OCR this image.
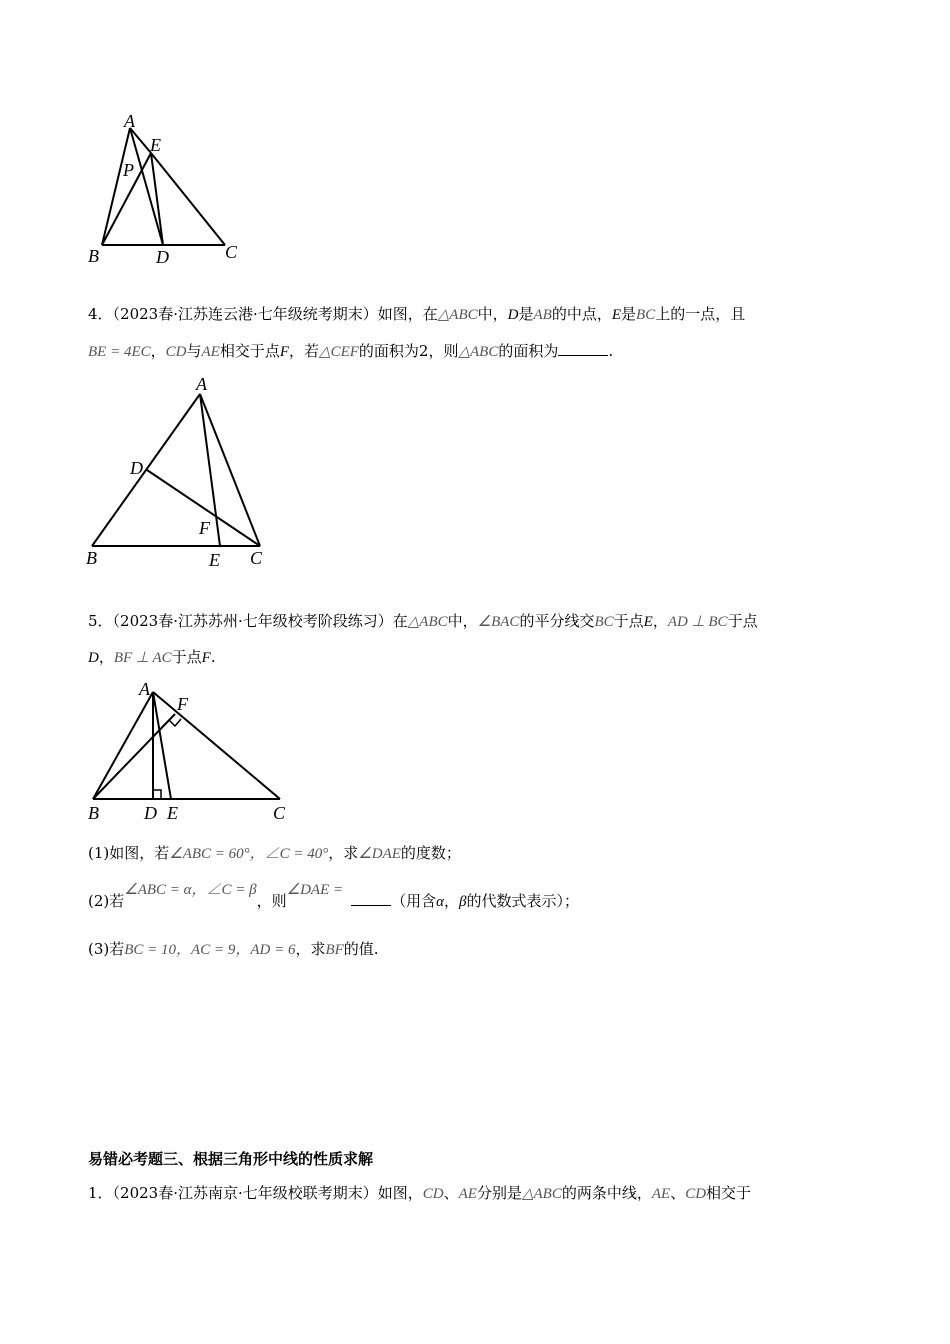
A
E
P
B	D	C
4．（2023春·江苏连云港·七年级统考期末）如图，在△ABC中，D是AB的中点，E是BC上的一点，且
BE = 4EC，CD与AE相交于点F，若△CEF的面积为2，则△ABC的面积为	.
A
D
F
B	E C
5．（2023春·江苏苏州·七年级校考阶段练习）在△ABC中，∠BAC的平分线交BC于点E，AD ⊥ BC于点
D，BF ⊥ AC于点F.
A
F
B	D E	C
(1)如图，若∠ABC = 60°，∠C = 40°，求∠DAE的度数；
(2)若∠ABC = α，∠C = β，则∠DAE =（用含α，β的代数式表示）；
(3)若BC = 10，AC = 9，AD = 6，求BF的值.
易错必考题三、根据三角形中线的性质求解
1．（2023春·江苏南京·七年级校联考期末）如图，CD、AE分别是△ABC的两条中线，AE、CD相交于
